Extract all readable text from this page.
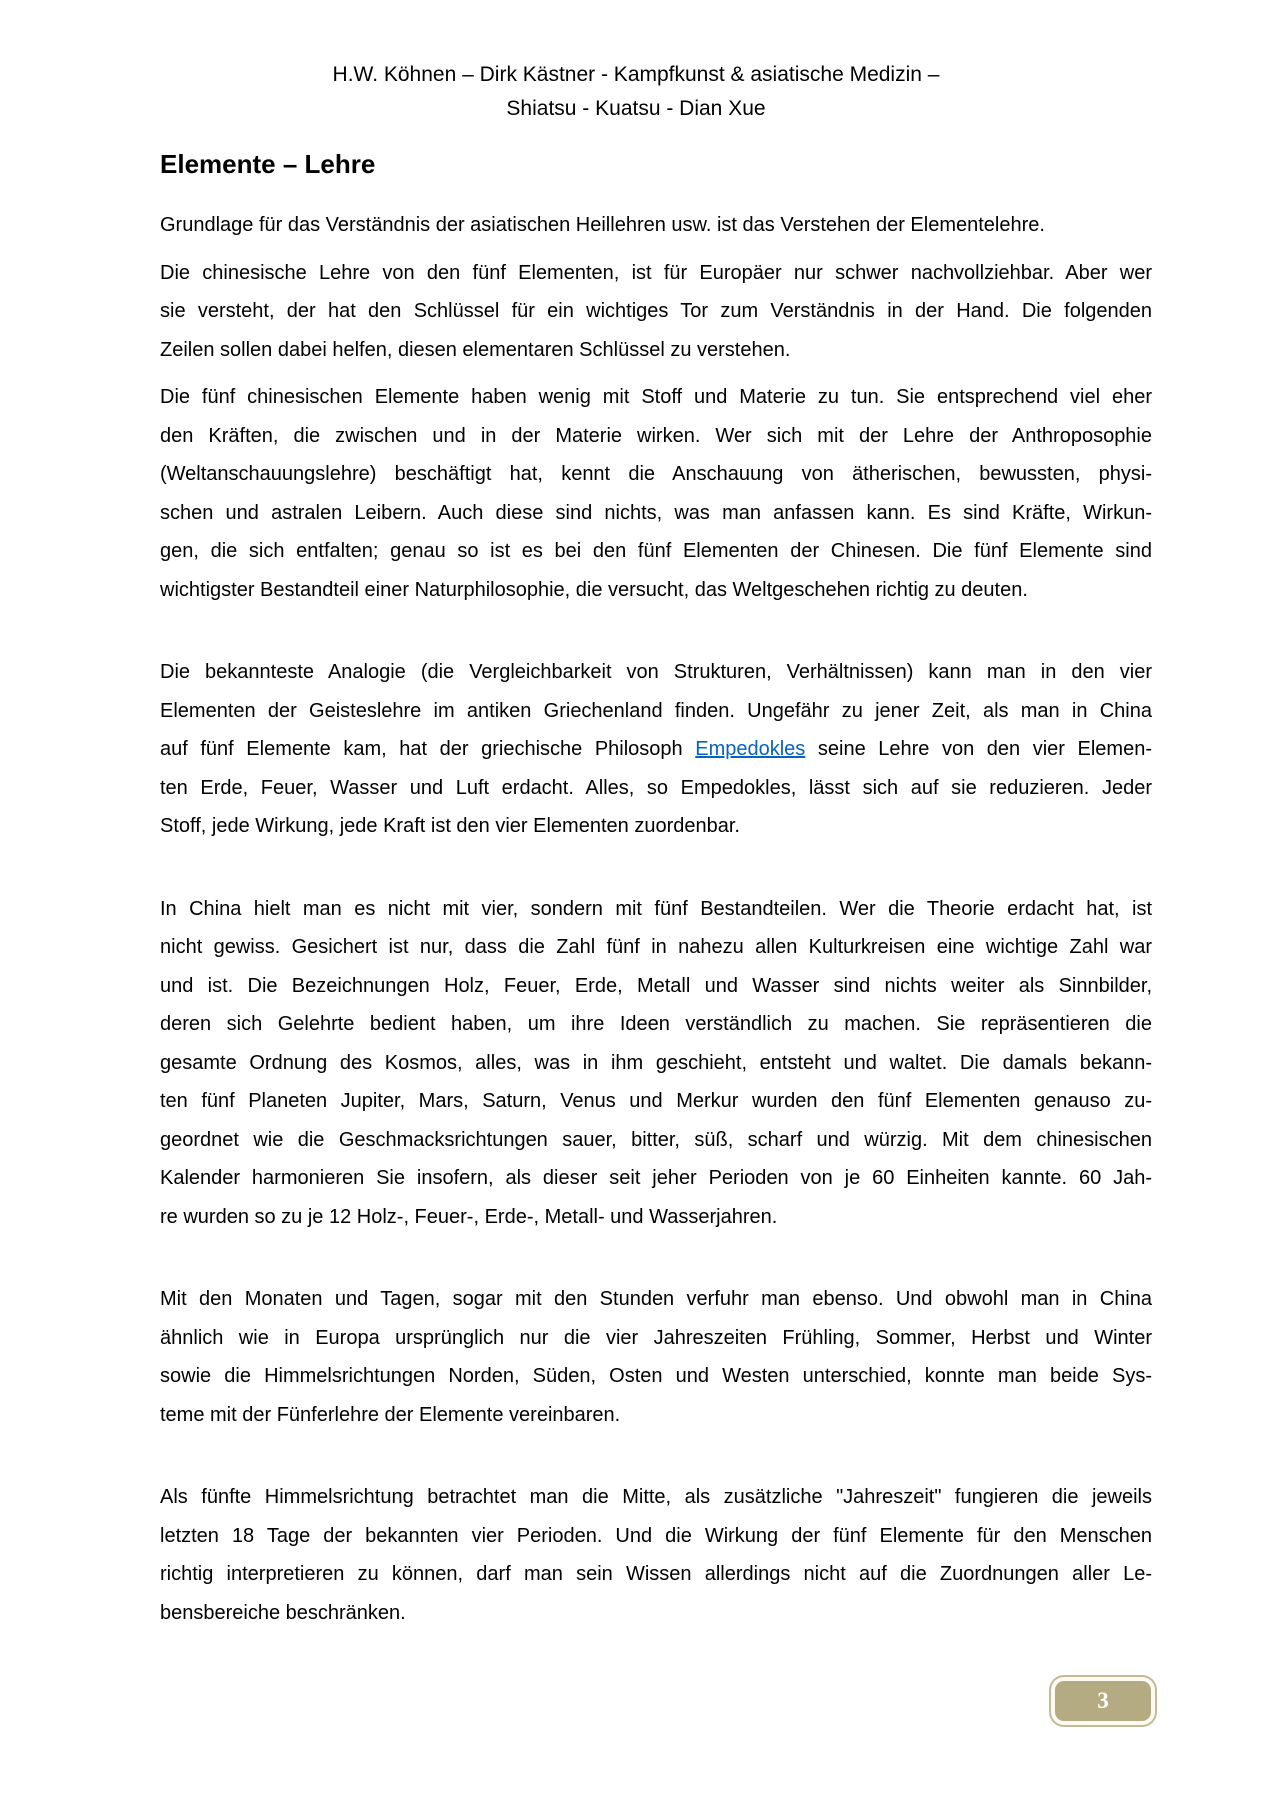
H.W. Köhnen – Dirk Kästner - Kampfkunst & asiatische Medizin –
Shiatsu - Kuatsu - Dian Xue
Elemente – Lehre
Grundlage für das Verständnis der asiatischen Heillehren usw. ist das Verstehen der Elementelehre.
Die chinesische Lehre von den fünf Elementen, ist für Europäer nur schwer nachvollziehbar. Aber wer
sie versteht, der hat den Schlüssel für ein wichtiges Tor zum Verständnis in der Hand. Die folgenden
Zeilen sollen dabei helfen, diesen elementaren Schlüssel zu verstehen.
Die fünf chinesischen Elemente haben wenig mit Stoff und Materie zu tun. Sie entsprechend viel eher
den Kräften, die zwischen und in der Materie wirken. Wer sich mit der Lehre der Anthroposophie
(Weltanschauungslehre) beschäftigt hat, kennt die Anschauung von ätherischen, bewussten, physi-
schen und astralen Leibern. Auch diese sind nichts, was man anfassen kann. Es sind Kräfte, Wirkun-
gen, die sich entfalten; genau so ist es bei den fünf Elementen der Chinesen. Die fünf Elemente sind
wichtigster Bestandteil einer Naturphilosophie, die versucht, das Weltgeschehen richtig zu deuten.
Die bekannteste Analogie (die Vergleichbarkeit von Strukturen, Verhältnissen) kann man in den vier
Elementen der Geisteslehre im antiken Griechenland finden. Ungefähr zu jener Zeit, als man in China
auf fünf Elemente kam, hat der griechische Philosoph Empedokles seine Lehre von den vier Elemen-
ten Erde, Feuer, Wasser und Luft erdacht. Alles, so Empedokles, lässt sich auf sie reduzieren. Jeder
Stoff, jede Wirkung, jede Kraft ist den vier Elementen zuordenbar.
In China hielt man es nicht mit vier, sondern mit fünf Bestandteilen. Wer die Theorie erdacht hat, ist
nicht gewiss. Gesichert ist nur, dass die Zahl fünf in nahezu allen Kulturkreisen eine wichtige Zahl war
und ist. Die Bezeichnungen Holz, Feuer, Erde, Metall und Wasser sind nichts weiter als Sinnbilder,
deren sich Gelehrte bedient haben, um ihre Ideen verständlich zu machen. Sie repräsentieren die
gesamte Ordnung des Kosmos, alles, was in ihm geschieht, entsteht und waltet. Die damals bekann-
ten fünf Planeten Jupiter, Mars, Saturn, Venus und Merkur wurden den fünf Elementen genauso zu-
geordnet wie die Geschmacksrichtungen sauer, bitter, süß, scharf und würzig. Mit dem chinesischen
Kalender harmonieren Sie insofern, als dieser seit jeher Perioden von je 60 Einheiten kannte. 60 Jah-
re wurden so zu je 12 Holz-, Feuer-, Erde-, Metall- und Wasserjahren.
Mit den Monaten und Tagen, sogar mit den Stunden verfuhr man ebenso. Und obwohl man in China
ähnlich wie in Europa ursprünglich nur die vier Jahreszeiten Frühling, Sommer, Herbst und Winter
sowie die Himmelsrichtungen Norden, Süden, Osten und Westen unterschied, konnte man beide Sys-
teme mit der Fünferlehre der Elemente vereinbaren.
Als fünfte Himmelsrichtung betrachtet man die Mitte, als zusätzliche "Jahreszeit" fungieren die jeweils
letzten 18 Tage der bekannten vier Perioden. Und die Wirkung der fünf Elemente für den Menschen
richtig interpretieren zu können, darf man sein Wissen allerdings nicht auf die Zuordnungen aller Le-
bensbereiche beschränken.
3
